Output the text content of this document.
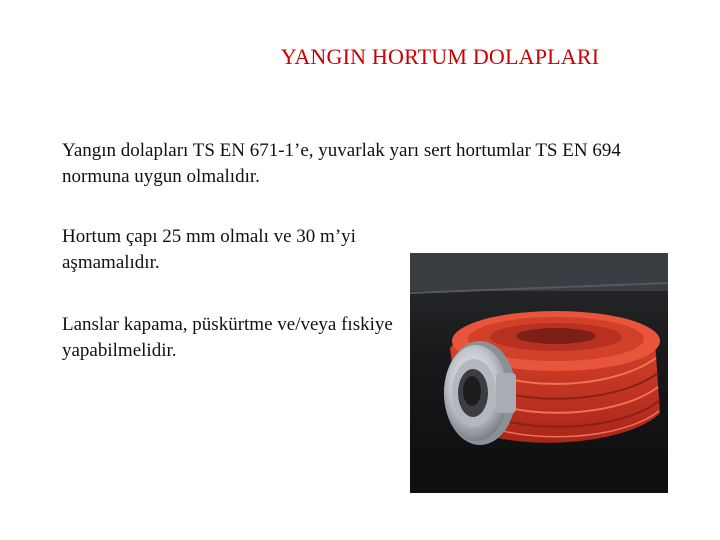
YANGIN HORTUM DOLAPLARI
Yangın dolapları TS EN 671-1’e, yuvarlak yarı sert hortumlar TS EN 694 normuna uygun olmalıdır.
Hortum çapı 25 mm olmalı ve 30 m’yi aşmamalıdır.
Lanslar kapama, püskürtme ve/veya fıskiye yapabilmelidir.
